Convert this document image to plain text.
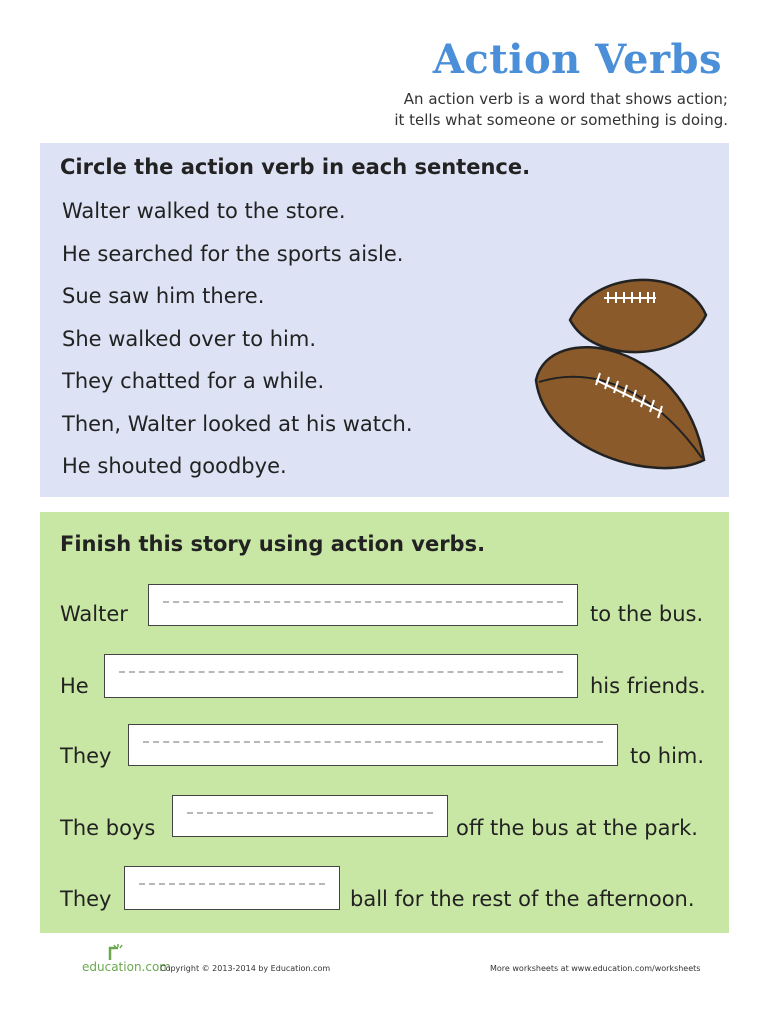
Action Verbs
An action verb is a word that shows action;
it tells what someone or something is doing.
Circle the action verb in each sentence.
Walter walked to the store.
He searched for the sports aisle.
Sue saw him there.
She walked over to him.
They chatted for a while.
Then, Walter looked at his watch.
He shouted goodbye.
Finish this story using action verbs.
Walter	to the bus.
He	his friends.
They	to him.
The boys	off the bus at the park.
They	ball for the rest of the afternoon.
education.com
Copyright © 2013-2014 by Education.com	More worksheets at www.education.com/worksheets
